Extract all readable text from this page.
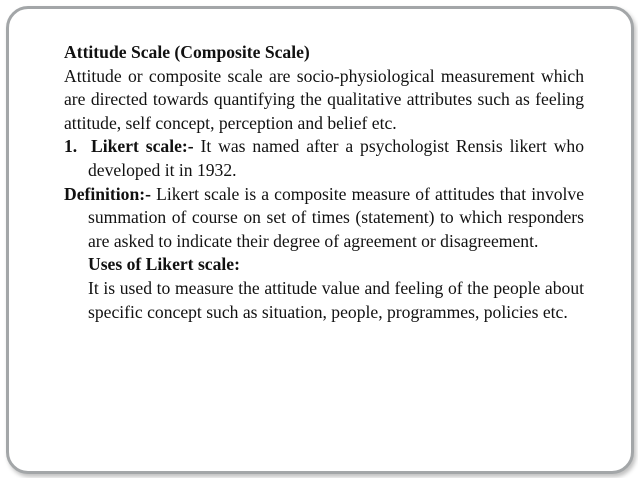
Attitude Scale (Composite Scale)

Attitude or composite scale are socio-physiological measurement which are directed towards quantifying the qualitative attributes such as feeling attitude, self concept, perception and belief etc.

1. Likert scale:- It was named after a psychologist Rensis likert who developed it in 1932.

Definition:- Likert scale is a composite measure of attitudes that involve summation of course on set of times (statement) to which responders are asked to indicate their degree of agreement or disagreement.

Uses of Likert scale:

It is used to measure the attitude value and feeling of the people about specific concept such as situation, people, programmes, policies etc.
